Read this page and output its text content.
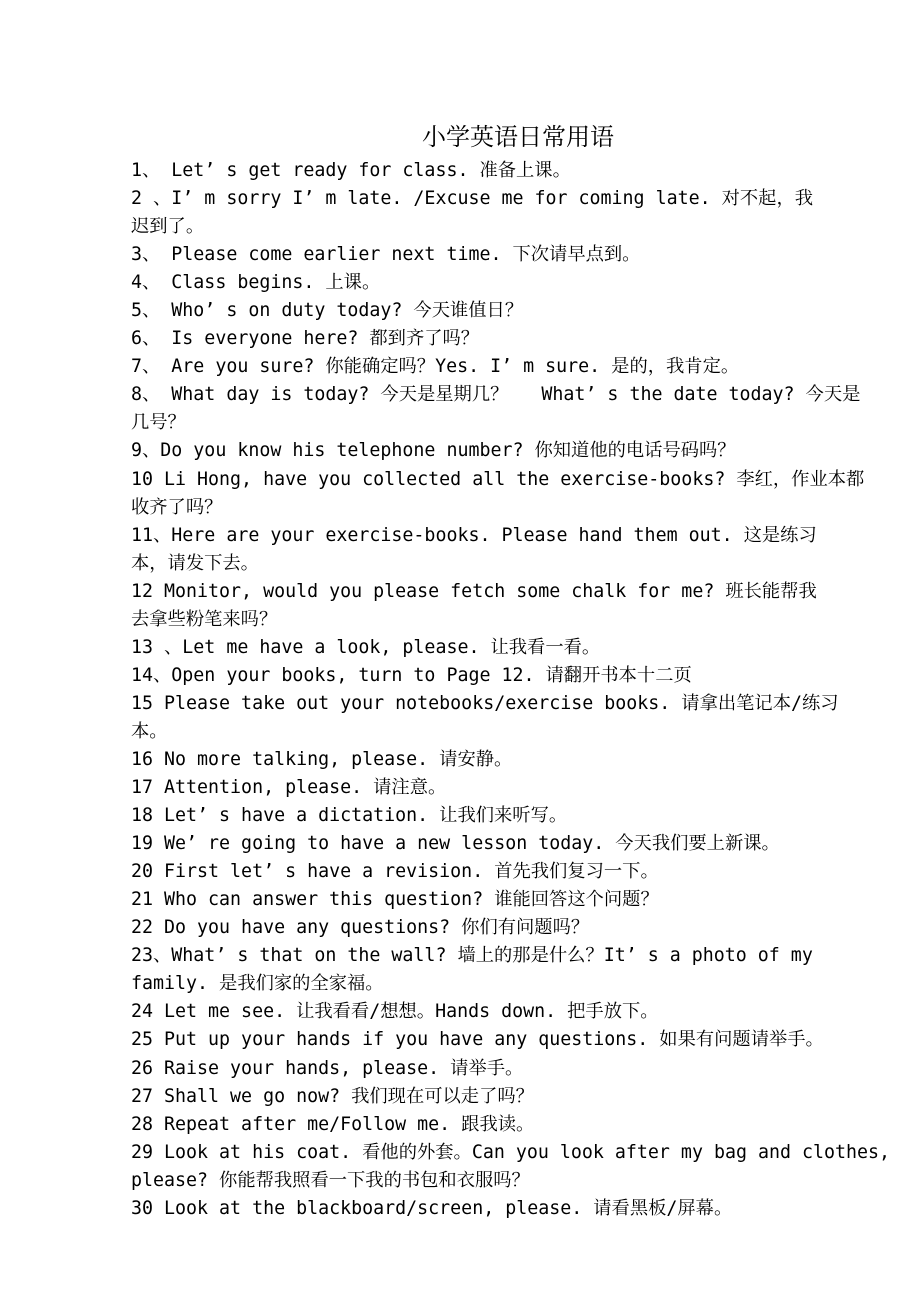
小学英语日常用语
1、 Let’ s get ready for class. 准备上课。
2 、I’ m sorry I’ m late. /Excuse me for coming late. 对不起，我
迟到了。
3、 Please come earlier next time. 下次请早点到。
4、 Class begins. 上课。
5、 Who’ s on duty today? 今天谁值日？
6、 Is everyone here? 都到齐了吗？
7、 Are you sure? 你能确定吗？Yes. I’ m sure. 是的，我肯定。
8、 What day is today? 今天是星期几？   What’ s the date today? 今天是
几号？
9、Do you know his telephone number? 你知道他的电话号码吗？
10 Li Hong, have you collected all the exercise-books? 李红，作业本都
收齐了吗？
11、Here are your exercise-books. Please hand them out. 这是练习
本，请发下去。
12 Monitor, would you please fetch some chalk for me? 班长能帮我
去拿些粉笔来吗？
13 、Let me have a look, please. 让我看一看。
14、Open your books, turn to Page 12. 请翻开书本十二页
15 Please take out your notebooks/exercise books. 请拿出笔记本/练习
本。
16 No more talking, please. 请安静。
17 Attention, please. 请注意。
18 Let’ s have a dictation. 让我们来听写。
19 We’ re going to have a new lesson today. 今天我们要上新课。
20 First let’ s have a revision. 首先我们复习一下。
21 Who can answer this question? 谁能回答这个问题？
22 Do you have any questions? 你们有问题吗？
23、What’ s that on the wall? 墙上的那是什么？It’ s a photo of my
family. 是我们家的全家福。
24 Let me see. 让我看看/想想。Hands down. 把手放下。
25 Put up your hands if you have any questions. 如果有问题请举手。
26 Raise your hands, please. 请举手。
27 Shall we go now? 我们现在可以走了吗？
28 Repeat after me/Follow me. 跟我读。
29 Look at his coat. 看他的外套。Can you look after my bag and clothes,
please? 你能帮我照看一下我的书包和衣服吗？
30 Look at the blackboard/screen, please. 请看黑板/屏幕。
